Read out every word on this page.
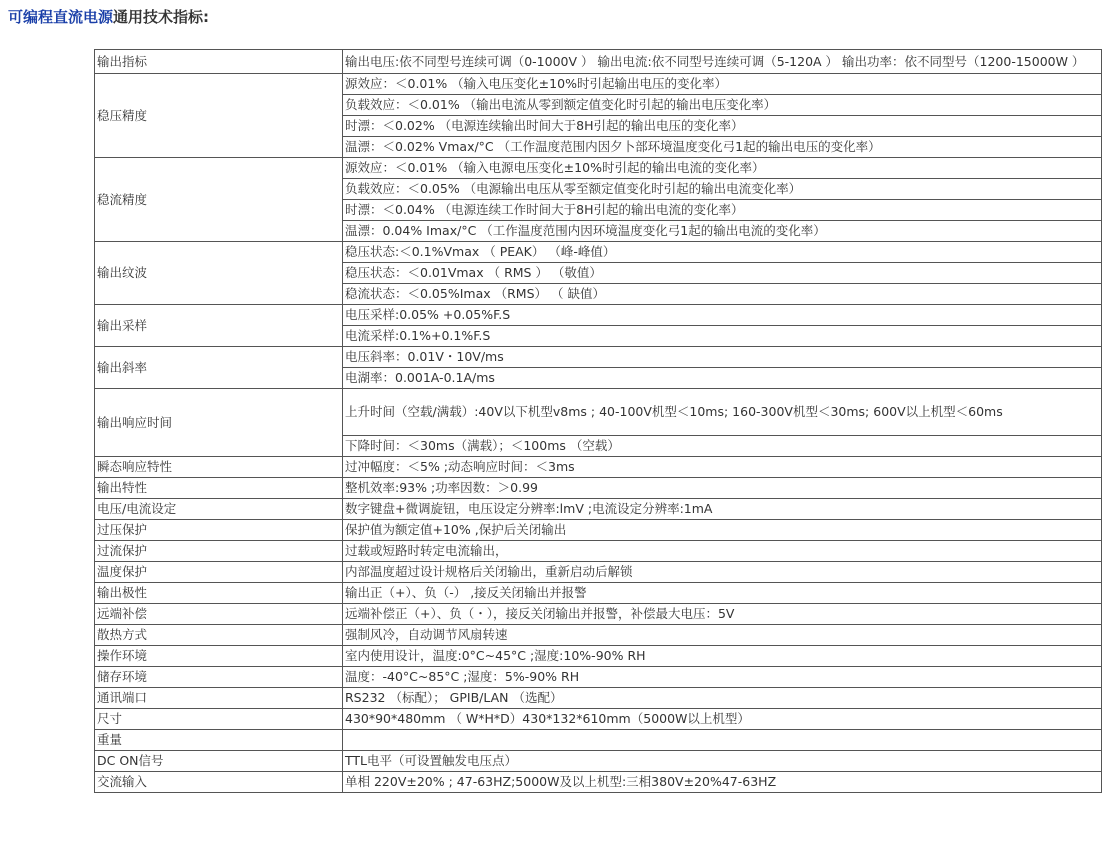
可编程直流电源通用技术指标:
输出指标	输出电压:依不同型号连续可调（0-1000V ） 输出电流:依不同型号连续可调（5-120A ） 输出功率：依不同型号（1200-15000W ）
稳压精度	源效应：＜0.01% （输入电压变化±10%时引起输出电压的变化率）
	负载效应：＜0.01% （输出电流从零到额定值变化时引起的输出电压变化率）
	时漂：＜0.02% （电源连续输出时间大于8H引起的输出电压的变化率）
	温漂：＜0.02% Vmax/°C （工作温度范围内因夕卜部环境温度变化弓1起的输出电压的变化率）
稳流精度	源效应：＜0.01% （输入电源电压变化±10%时引起的输出电流的变化率）
	负载效应：＜0.05% （电源输出电压从零至额定值变化时引起的输出电流变化率）
	时漂：＜0.04% （电源连续工作时间大于8H引起的输出电流的变化率）
	温漂：0.04% Imax/°C （工作温度范围内因环境温度变化弓1起的输出电流的变化率）
输出纹波	稳压状态:＜0.1%Vmax （ PEAK） （峰-峰值）
	稳压状态：＜0.01Vmax （ RMS ） （敬值）
	稳流状态：＜0.05%Imax （RMS） （ 缺值）
输出采样	电压采样:0.05% +0.05%F.S
	电流采样:0.1%+0.1%F.S
输出斜率	电压斜率：0.01V・10V/ms
	电湖率：0.001A-0.1A/ms
输出响应时间	上升时间（空载/满载）:40V以下机型v8ms ; 40-100V机型＜10ms; 160-300V机型＜30ms; 600V以上机型＜60ms
	下降时间：＜30ms（满载）；＜100ms （空载）
瞬态响应特性	过冲幅度：＜5% ;动态响应时间：＜3ms
输出特性	整机效率:93% ;功率因数：＞0.99
电压/电流设定	数字键盘+微调旋钮，电压设定分辨率:lmV ;电流设定分辨率:1mA
过压保护	保护值为额定值+10% ,保护后关闭输出
过流保护	过载或短路时转定电流输出，
温度保护	内部温度超过设计规格后关闭输出，重新启动后解锁
输出极性	输出正（+）、负（-） ,接反关闭输出并报警
远端补偿	远端补偿正（+）、负（・），接反关闭输出并报警，补偿最大电压：5V
散热方式	强制风冷，自动调节风扇转速
操作环境	室内使用设计，温度:0°C~45°C ;湿度:10%-90% RH
储存环境	温度：-40°C~85°C ;湿度：5%-90% RH
通讯端口	RS232 （标配）； GPIB/LAN （选配）
尺寸	430*90*480mm （ W*H*D）430*132*610mm（5000W以上机型）
重量	
DC ON信号	TTL电平（可设置触发电压点）
交流输入	单相 220V±20% ; 47-63HZ;5000W及以上机型:三相380V±20%47-63HZ
